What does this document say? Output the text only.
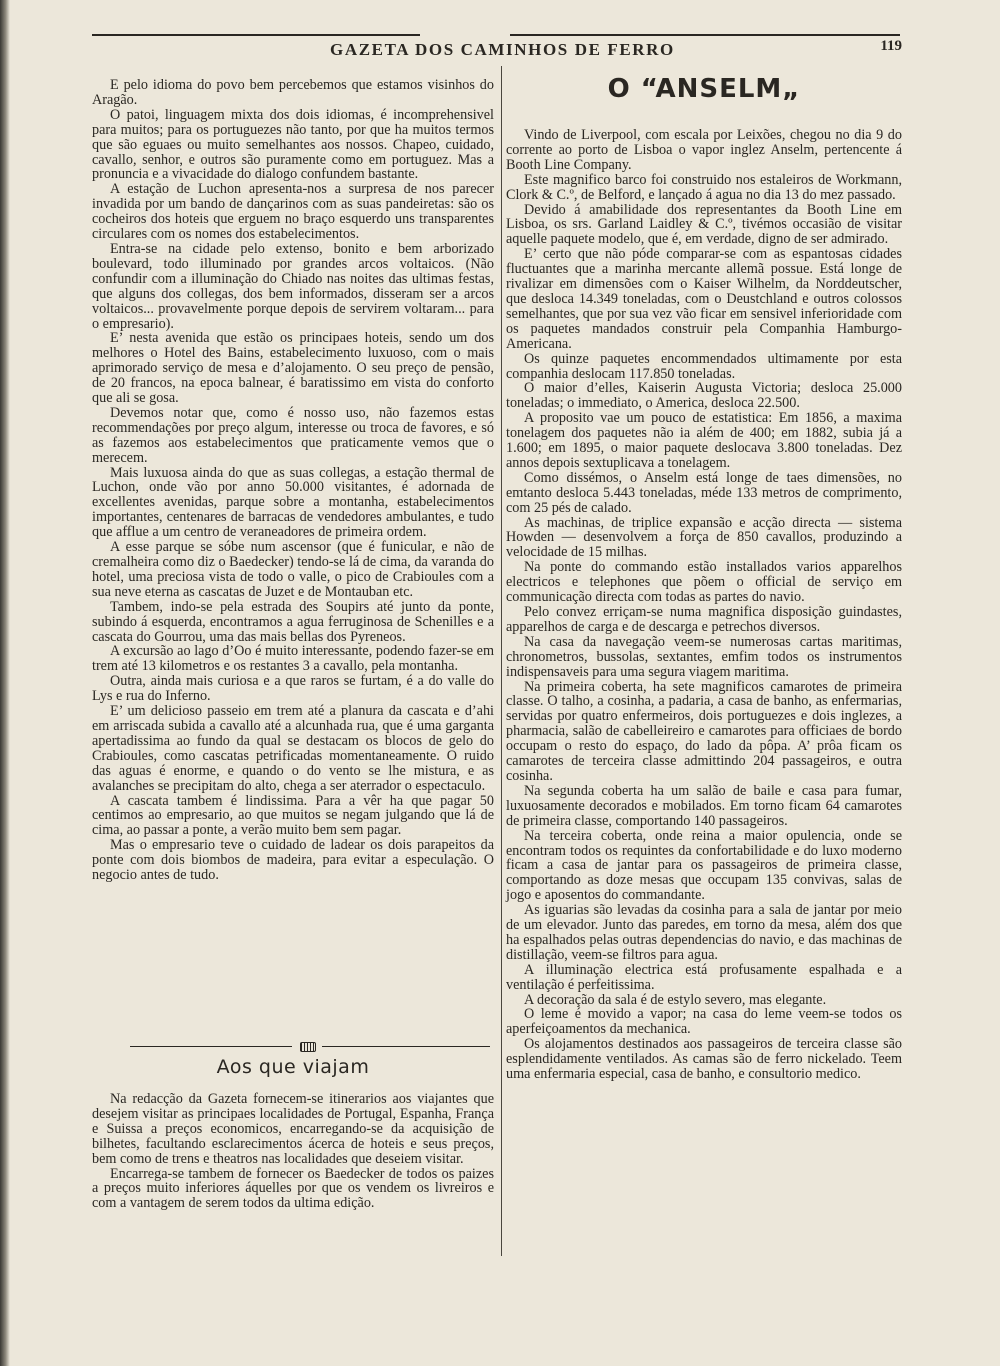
GAZETA DOS CAMINHOS DE FERRO	119

E pelo idioma do povo bem percebemos que estamos visinhos do Aragão.

O patoi, linguagem mixta dos dois idiomas, é incomprehensivel para muitos; para os portuguezes não tanto, por que ha muitos termos que são eguaes ou muito semelhantes aos nossos. Chapeo, cuidado, cavallo, senhor, e outros são puramente como em portuguez. Mas a pronuncia e a vivacidade do dialogo confundem bastante.

A estação de Luchon apresenta-nos a surpresa de nos parecer invadida por um bando de dançarinos com as suas pandeiretas: são os cocheiros dos hoteis que erguem no braço esquerdo uns transparentes circulares com os nomes dos estabelecimentos.

Entra-se na cidade pelo extenso, bonito e bem arborizado boulevard, todo illuminado por grandes arcos voltaicos. (Não confundir com a illuminação do Chiado nas noites das ultimas festas, que alguns dos collegas, dos bem informados, disseram ser a arcos voltaicos... provavelmente porque depois de servirem voltaram... para o empresario).

E’ nesta avenida que estão os principaes hoteis, sendo um dos melhores o Hotel des Bains, estabelecimento luxuoso, com o mais aprimorado serviço de mesa e d’alojamento. O seu preço de pensão, de 20 francos, na epoca balnear, é baratissimo em vista do conforto que ali se gosa.

Devemos notar que, como é nosso uso, não fazemos estas recommendações por preço algum, interesse ou troca de favores, e só as fazemos aos estabelecimentos que praticamente vemos que o merecem.

Mais luxuosa ainda do que as suas collegas, a estação thermal de Luchon, onde vão por anno 50.000 visitantes, é adornada de excellentes avenidas, parque sobre a montanha, estabelecimentos importantes, centenares de barracas de vendedores ambulantes, e tudo que afflue a um centro de veraneadores de primeira ordem.

A esse parque se sóbe num ascensor (que é funicular, e não de cremalheira como diz o Baedecker) tendo-se lá de cima, da varanda do hotel, uma preciosa vista de todo o valle, o pico de Crabioules com a sua neve eterna as cascatas de Juzet e de Montauban etc.

Tambem, indo-se pela estrada des Soupirs até junto da ponte, subindo á esquerda, encontramos a agua ferruginosa de Schenilles e a cascata do Gourrou, uma das mais bellas dos Pyreneos.

A excursão ao lago d’Oo é muito interessante, podendo fazer-se em trem até 13 kilometros e os restantes 3 a cavallo, pela montanha.

Outra, ainda mais curiosa e a que raros se furtam, é a do valle do Lys e rua do Inferno.

E’ um delicioso passeio em trem até a planura da cascata e d’ahi em arriscada subida a cavallo até a alcunhada rua, que é uma garganta apertadissima ao fundo da qual se destacam os blocos de gelo do Crabioules, como cascatas petrificadas momentaneamente. O ruido das aguas é enorme, e quando o do vento se lhe mistura, e as avalanches se precipitam do alto, chega a ser aterrador o espectaculo.

A cascata tambem é lindissima. Para a vêr ha que pagar 50 centimos ao empresario, ao que muitos se negam julgando que lá de cima, ao passar a ponte, a verão muito bem sem pagar.

Mas o empresario teve o cuidado de ladear os dois parapeitos da ponte com dois biombos de madeira, para evitar a especulação. O negocio antes de tudo.

Aos que viajam

Na redacção da Gazeta fornecem-se itinerarios aos viajantes que desejem visitar as principaes localidades de Portugal, Espanha, França e Suissa a preços economicos, encarregando-se da acquisição de bilhetes, facultando esclarecimentos ácerca de hoteis e seus preços, bem como de trens e theatros nas localidades que deseiem visitar.

Encarrega-se tambem de fornecer os Baedecker de todos os paizes a preços muito inferiores áquelles por que os vendem os livreiros e com a vantagem de serem todos da ultima edição.

O “ANSELM„

Vindo de Liverpool, com escala por Leixões, chegou no dia 9 do corrente ao porto de Lisboa o vapor inglez Anselm, pertencente á Booth Line Company.

Este magnifico barco foi construido nos estaleiros de Workmann, Clork & C.º, de Belford, e lançado á agua no dia 13 do mez passado.

Devido á amabilidade dos representantes da Booth Line em Lisboa, os srs. Garland Laidley & C.º, tivémos occasião de visitar aquelle paquete modelo, que é, em verdade, digno de ser admirado.

E’ certo que não póde comparar-se com as espantosas cidades fluctuantes que a marinha mercante allemã possue. Está longe de rivalizar em dimensões com o Kaiser Wilhelm, da Norddeutscher, que desloca 14.349 toneladas, com o Deustchland e outros colossos semelhantes, que por sua vez vão ficar em sensivel inferioridade com os paquetes mandados construir pela Companhia Hamburgo-Americana.

Os quinze paquetes encommendados ultimamente por esta companhia deslocam 117.850 toneladas.

O maior d’elles, Kaiserin Augusta Victoria; desloca 25.000 toneladas; o immediato, o America, desloca 22.500.

A proposito vae um pouco de estatistica: Em 1856, a maxima tonelagem dos paquetes não ia além de 400; em 1882, subia já a 1.600; em 1895, o maior paquete deslocava 3.800 toneladas. Dez annos depois sextuplicava a tonelagem.

Como dissémos, o Anselm está longe de taes dimensões, no emtanto desloca 5.443 toneladas, méde 133 metros de comprimento, com 25 pés de calado.

As machinas, de triplice expansão e acção directa — sistema Howden — desenvolvem a força de 850 cavallos, produzindo a velocidade de 15 milhas.

Na ponte do commando estão installados varios apparelhos electricos e telephones que põem o official de serviço em communicação directa com todas as partes do navio.

Pelo convez erriçam-se numa magnifica disposição guindastes, apparelhos de carga e de descarga e petrechos diversos.

Na casa da navegação veem-se numerosas cartas maritimas, chronometros, bussolas, sextantes, emfim todos os instrumentos indispensaveis para uma segura viagem maritima.

Na primeira coberta, ha sete magnificos camarotes de primeira classe. O talho, a cosinha, a padaria, a casa de banho, as enfermarias, servidas por quatro enfermeiros, dois portuguezes e dois inglezes, a pharmacia, salão de cabelleireiro e camarotes para officiaes de bordo occupam o resto do espaço, do lado da pôpa. A’ prôa ficam os camarotes de terceira classe admittindo 204 passageiros, e outra cosinha.

Na segunda coberta ha um salão de baile e casa para fumar, luxuosamente decorados e mobilados. Em torno ficam 64 camarotes de primeira classe, comportando 140 passageiros.

Na terceira coberta, onde reina a maior opulencia, onde se encontram todos os requintes da confortabilidade e do luxo moderno ficam a casa de jantar para os passageiros de primeira classe, comportando as doze mesas que occupam 135 convivas, salas de jogo e aposentos do commandante.

As iguarias são levadas da cosinha para a sala de jantar por meio de um elevador. Junto das paredes, em torno da mesa, além dos que ha espalhados pelas outras dependencias do navio, e das machinas de distillação, veem-se filtros para agua.

A illuminação electrica está profusamente espalhada e a ventilação é perfeitissima.

A decoração da sala é de estylo severo, mas elegante.

O leme é movido a vapor; na casa do leme veem-se todos os aperfeiçoamentos da mechanica.

Os alojamentos destinados aos passageiros de terceira classe são esplendidamente ventilados. As camas são de ferro nickelado. Teem uma enfermaria especial, casa de banho, e consultorio medico.
